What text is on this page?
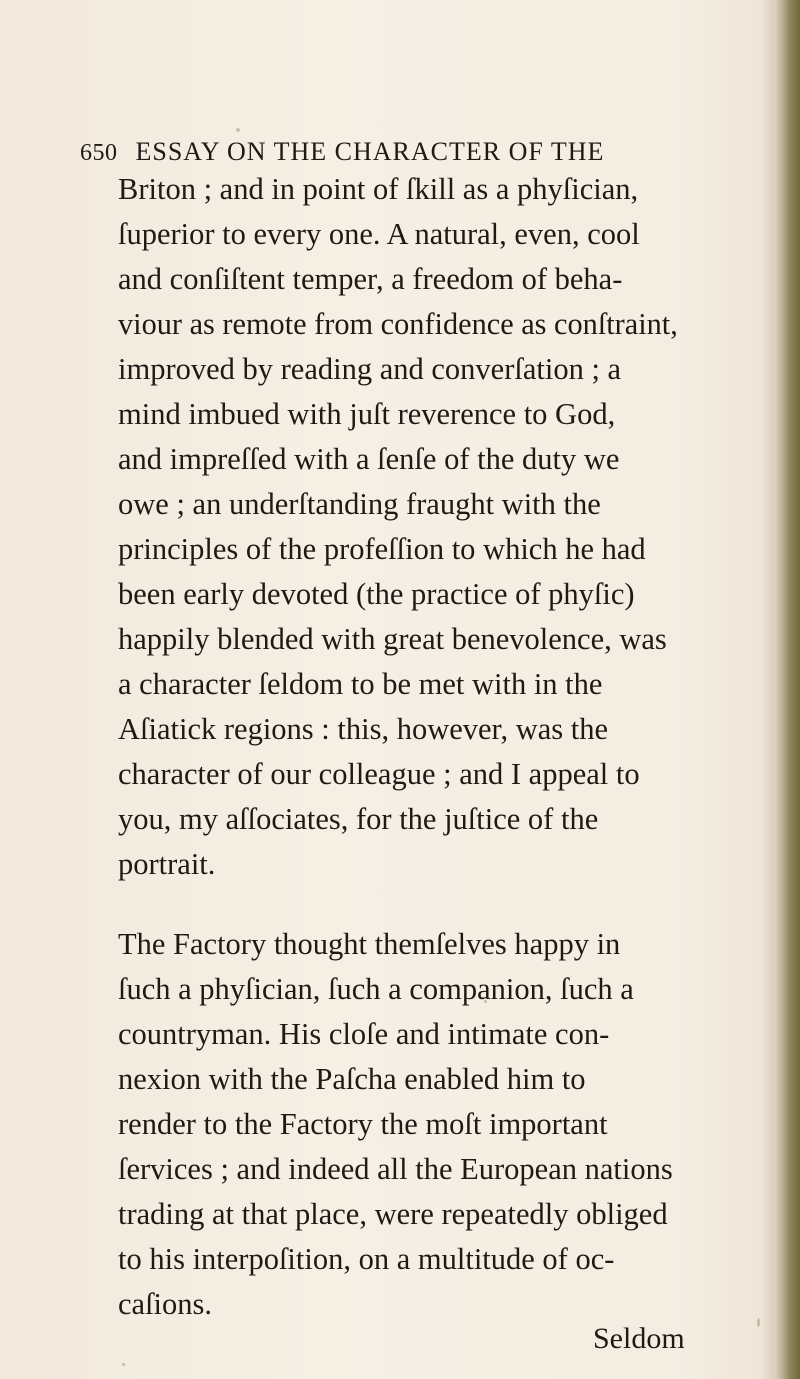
650 ESSAY ON THE CHARACTER OF THE
Briton ; and in point of ſkill as a phyſician,
ſuperior to every one. A natural, even, cool
and conſiſtent temper, a freedom of beha-
viour as remote from confidence as conſtraint,
improved by reading and converſation ; a
mind imbued with juſt reverence to God,
and impreſſed with a ſenſe of the duty we
owe ; an underſtanding fraught with the
principles of the profeſſion to which he had
been early devoted (the practice of phyſic)
happily blended with great benevolence, was
a character ſeldom to be met with in the
Aſiatick regions : this, however, was the
character of our colleague ; and I appeal to
you, my aſſociates, for the juſtice of the
portrait.
The Factory thought themſelves happy in
ſuch a phyſician, ſuch a companion, ſuch a
countryman. His cloſe and intimate con-
nexion with the Paſcha enabled him to
render to the Factory the moſt important
ſervices ; and indeed all the European nations
trading at that place, were repeatedly obliged
to his interpoſition, on a multitude of oc-
caſions.
Seldom
